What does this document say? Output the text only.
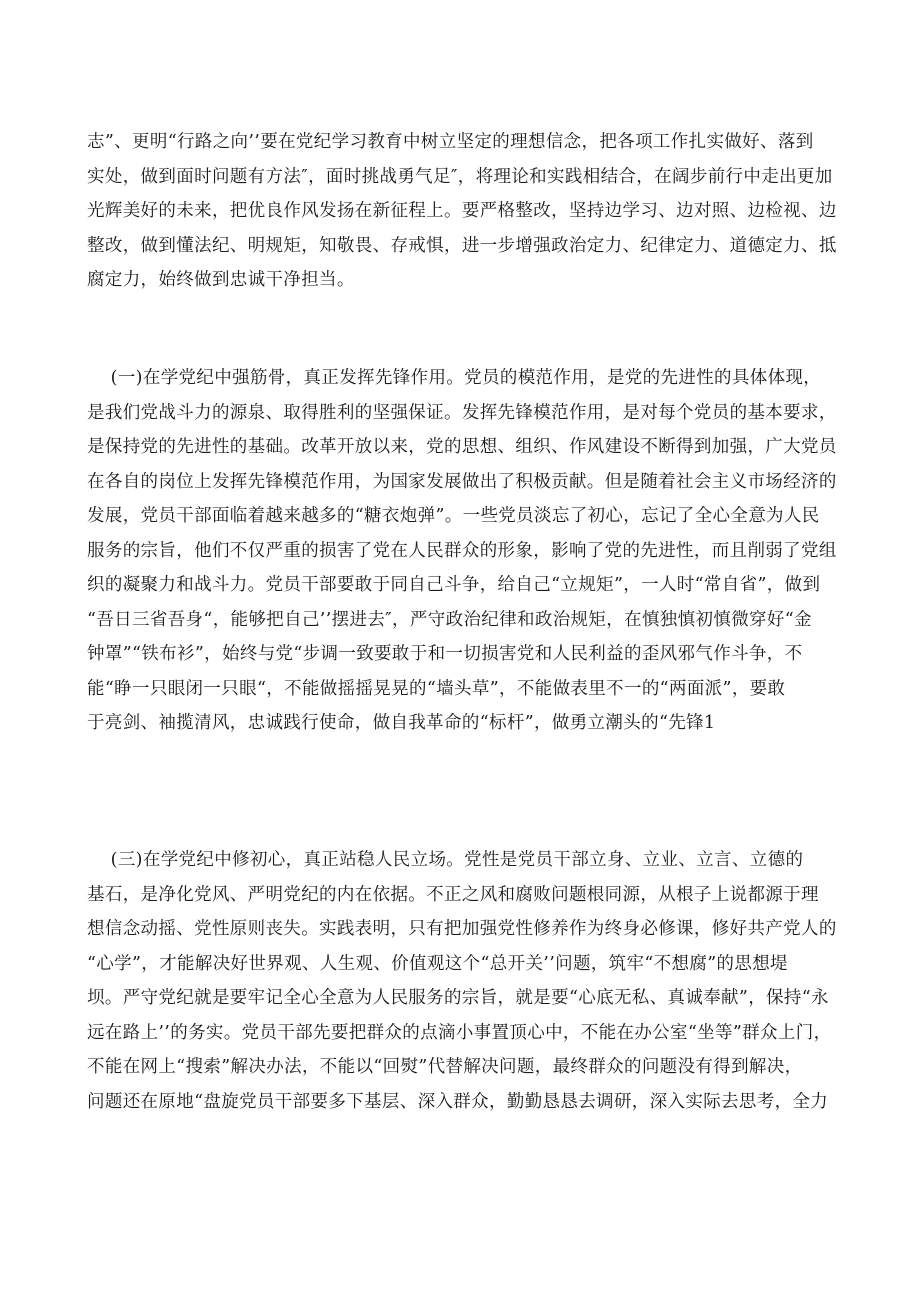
志”、更明“行路之向’’要在党纪学习教育中树立坚定的理想信念，把各项工作扎实做好、落到
实处，做到面时问题有方法″，面时挑战勇气足″，将理论和实践相结合，在阔步前行中走出更加
光辉美好的未来，把优良作风发扬在新征程上。要严格整改，坚持边学习、边对照、边检视、边
整改，做到懂法纪、明规矩，知敬畏、存戒惧，进一步增强政治定力、纪律定力、道德定力、抵
腐定力，始终做到忠诚干净担当。
(一)在学党纪中强筋骨，真正发挥先锋作用。党员的模范作用，是党的先进性的具体体现，
是我们党战斗力的源泉、取得胜利的坚强保证。发挥先锋模范作用，是对每个党员的基本要求，
是保持党的先进性的基础。改革开放以来，党的思想、组织、作风建设不断得到加强，广大党员
在各自的岗位上发挥先锋模范作用，为国家发展做出了积极贡献。但是随着社会主义市场经济的
发展，党员干部面临着越来越多的“糖衣炮弹”。一些党员淡忘了初心，忘记了全心全意为人民
服务的宗旨，他们不仅严重的损害了党在人民群众的形象，影响了党的先进性，而且削弱了党组
织的凝聚力和战斗力。党员干部要敢于同自己斗争，给自己“立规矩”，一人时“常自省”，做到
“吾日三省吾身“，能够把自己’’摆进去″，严守政治纪律和政治规矩，在慎独慎初慎微穿好“金
钟罩”“铁布衫”，始终与党“步调一致要敢于和一切损害党和人民利益的歪风邪气作斗争，不
能“睁一只眼闭一只眼“，不能做摇摇晃晃的“墙头草”，不能做表里不一的“两面派”，要敢
于亮剑、袖揽清风，忠诚践行使命，做自我革命的“标杆”，做勇立潮头的“先锋1
(三)在学党纪中修初心，真正站稳人民立场。党性是党员干部立身、立业、立言、立德的
基石，是净化党风、严明党纪的内在依据。不正之风和腐败问题根同源，从根子上说都源于理
想信念动摇、党性原则丧失。实践表明，只有把加强党性修养作为终身必修课，修好共产党人的
“心学”，才能解决好世界观、人生观、价值观这个“总开关’’问题，筑牢“不想腐”的思想堤
坝。严守党纪就是要牢记全心全意为人民服务的宗旨，就是要“心底无私、真诚奉献”，保持“永
远在路上’’的务实。党员干部先要把群众的点滴小事置顶心中，不能在办公室“坐等”群众上门，
不能在网上“搜索”解决办法，不能以“回熨”代替解决问题，最终群众的问题没有得到解决，
问题还在原地“盘旋党员干部要多下基层、深入群众，勤勤恳恳去调研，深入实际去思考，全力
